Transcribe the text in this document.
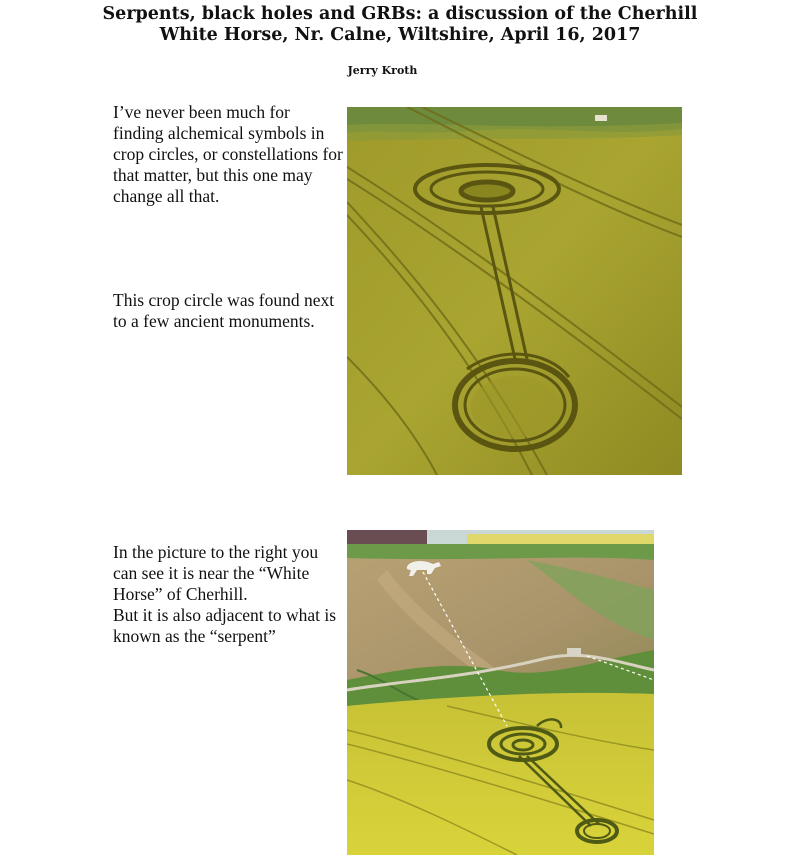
Serpents, black holes and GRBs: a discussion of the Cherhill
White Horse, Nr. Calne, Wiltshire, April 16, 2017
Jerry Kroth

I’ve never been much for finding alchemical symbols in crop circles, or constellations for that matter, but this one may change all that.

This crop circle was found next to a few ancient monuments.

In the picture to the right you can see it is near the “White Horse” of Cherhill.
But it is also adjacent to what is known as the “serpent”
